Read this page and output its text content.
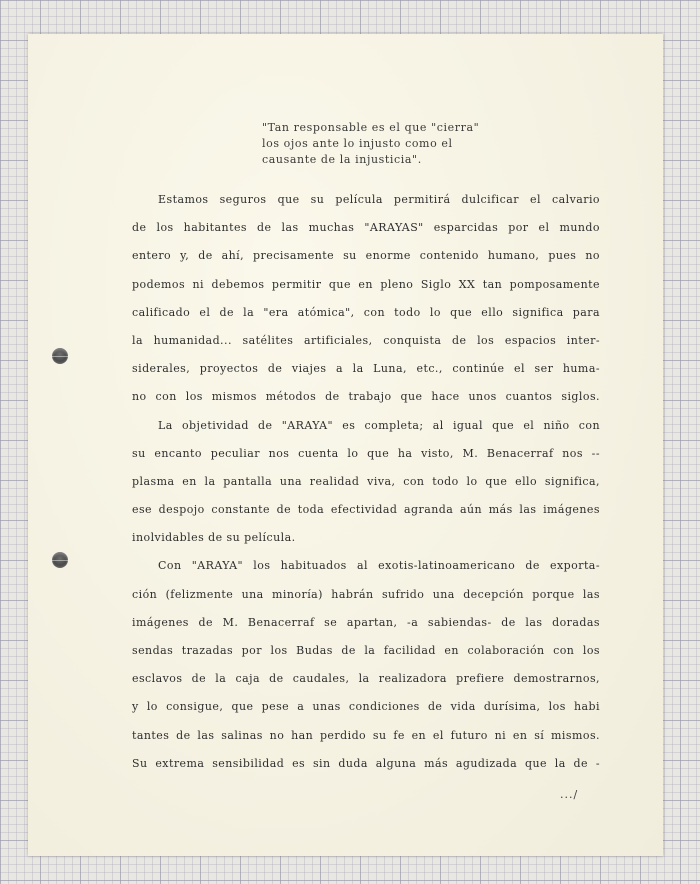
"Tan responsable es el que "cierra"
los ojos ante lo injusto como el
causante de la injusticia".

Estamos seguros que su película permitirá dulcificar el calvario
de los habitantes de las muchas "ARAYAS" esparcidas por el mundo
entero y, de ahí, precisamente su enorme contenido humano, pues no
podemos ni debemos permitir que en pleno Siglo XX tan pomposamente
calificado el de la "era atómica", con todo lo que ello significa para
la humanidad... satélites artificiales, conquista de los espacios inter-
siderales, proyectos de viajes a la Luna, etc., continúe el ser huma-
no con los mismos métodos de trabajo que hace unos cuantos siglos.
La objetividad de "ARAYA" es completa; al igual que el niño con
su encanto peculiar nos cuenta lo que ha visto, M. Benacerraf nos --
plasma en la pantalla una realidad viva, con todo lo que ello significa,
ese despojo constante de toda efectividad agranda aún más las imágenes
inolvidables de su película.
Con "ARAYA" los habituados al exotis-latinoamericano de exporta-
ción (felizmente una minoría) habrán sufrido una decepción porque las
imágenes de M. Benacerraf se apartan, -a sabiendas- de las doradas
sendas trazadas por los Budas de la facilidad en colaboración con los
esclavos de la caja de caudales, la realizadora prefiere demostrarnos,
y lo consigue, que pese a unas condiciones de vida durísima, los habi
tantes de las salinas no han perdido su fe en el futuro ni en sí mismos.
Su extrema sensibilidad es sin duda alguna más agudizada que la de -

.../
